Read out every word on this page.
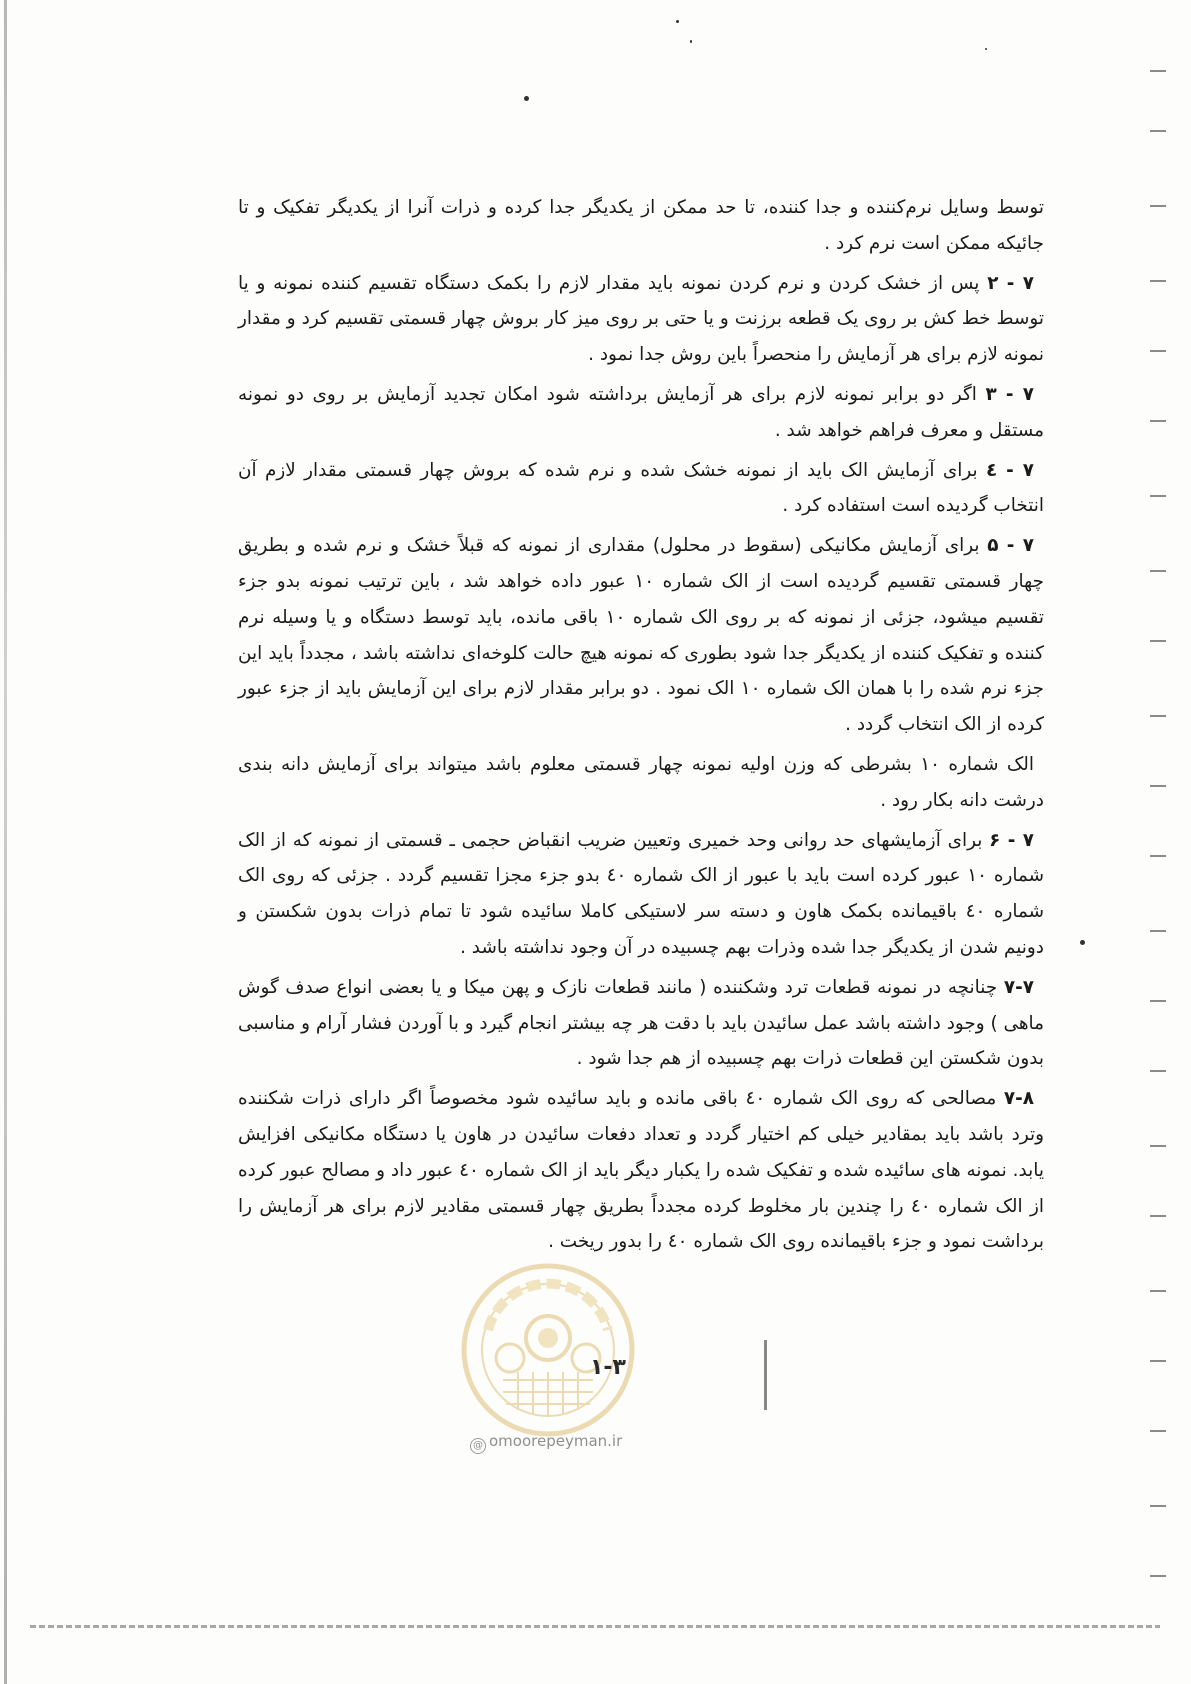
توسط وسایل نرم‌کننده و جدا کننده، تا حد ممکن از یکدیگر جدا کرده و ذرات آنرا از یکدیگر تفکیک و تا جائیکه ممکن است نرم کرد .

۷ - ۲ پس از خشک کردن و نرم کردن نمونه باید مقدار لازم را بکمک دستگاه تقسیم کننده نمونه و یا توسط خط کش بر روی یک قطعه برزنت و یا حتی بر روی میز کار بروش چهار قسمتی تقسیم کرد و مقدار نمونه لازم برای هر آزمایش را منحصراً باین روش جدا نمود .

۷ - ۳ اگر دو برابر نمونه لازم برای هر آزمایش برداشته شود امکان تجدید آزمایش بر روی دو نمونه مستقل و معرف فراهم خواهد شد .

۷ - ٤ برای آزمایش الک باید از نمونه خشک شده و نرم شده که بروش چهار قسمتی مقدار لازم آن انتخاب گردیده است استفاده کرد .

۷ - ۵ برای آزمایش مکانیکی (سقوط در محلول) مقداری از نمونه که قبلاً خشک و نرم شده و بطریق چهار قسمتی تقسیم گردیده است از الک شماره ۱۰ عبور داده خواهد شد ، باین ترتیب نمونه بدو جزء تقسیم میشود، جزئی از نمونه که بر روی الک شماره ۱۰ باقی مانده، باید توسط دستگاه و یا وسیله نرم کننده و تفکیک کننده از یکدیگر جدا شود بطوری که نمونه هیچ حالت کلوخه‌ای نداشته باشد ، مجدداً باید این جزء نرم شده را با همان الک شماره ۱۰ الک نمود . دو برابر مقدار لازم برای این آزمایش باید از جزء عبور کرده از الک انتخاب گردد .

الک شماره ۱۰ بشرطی که وزن اولیه نمونه چهار قسمتی معلوم باشد میتواند برای آزمایش دانه بندی درشت دانه بکار رود .

۷ - ۶ برای آزمایشهای حد روانی وحد خمیری وتعیین ضریب انقباض حجمی ـ قسمتی از نمونه که از الک شماره ۱۰ عبور کرده است باید با عبور از الک شماره ٤۰ بدو جزء مجزا تقسیم گردد . جزئی که روی الک شماره ٤۰ باقیمانده بکمک هاون و دسته سر لاستیکی کاملا سائیده شود تا تمام ذرات بدون شکستن و دونیم شدن از یکدیگر جدا شده وذرات بهم چسبیده در آن وجود نداشته باشد .

۷-۷ چنانچه در نمونه قطعات ترد وشکننده ( مانند قطعات نازک و پهن میکا و یا بعضی انواع صدف گوش ماهی ) وجود داشته باشد عمل سائیدن باید با دقت هر چه بیشتر انجام گیرد و با آوردن فشار آرام و مناسبی بدون شکستن این قطعات ذرات بهم چسبیده از هم جدا شود .

۷-۸ مصالحی که روی الک شماره ٤۰ باقی مانده و باید سائیده شود مخصوصاً اگر دارای ذرات شکننده وترد باشد باید بمقادیر خیلی کم اختیار گردد و تعداد دفعات سائیدن در هاون یا دستگاه مکانیکی افزایش یابد. نمونه های سائیده شده و تفکیک شده را یکبار دیگر باید از الک شماره ٤۰ عبور داد و مصالح عبور کرده از الک شماره ٤۰ را چندین بار مخلوط کرده مجدداً بطریق چهار قسمتی مقادیر لازم برای هر آزمایش را برداشت نمود و جزء باقیمانده روی الک شماره ٤۰ را بدور ریخت .

۱-۳
@ omoorepeyman.ir
